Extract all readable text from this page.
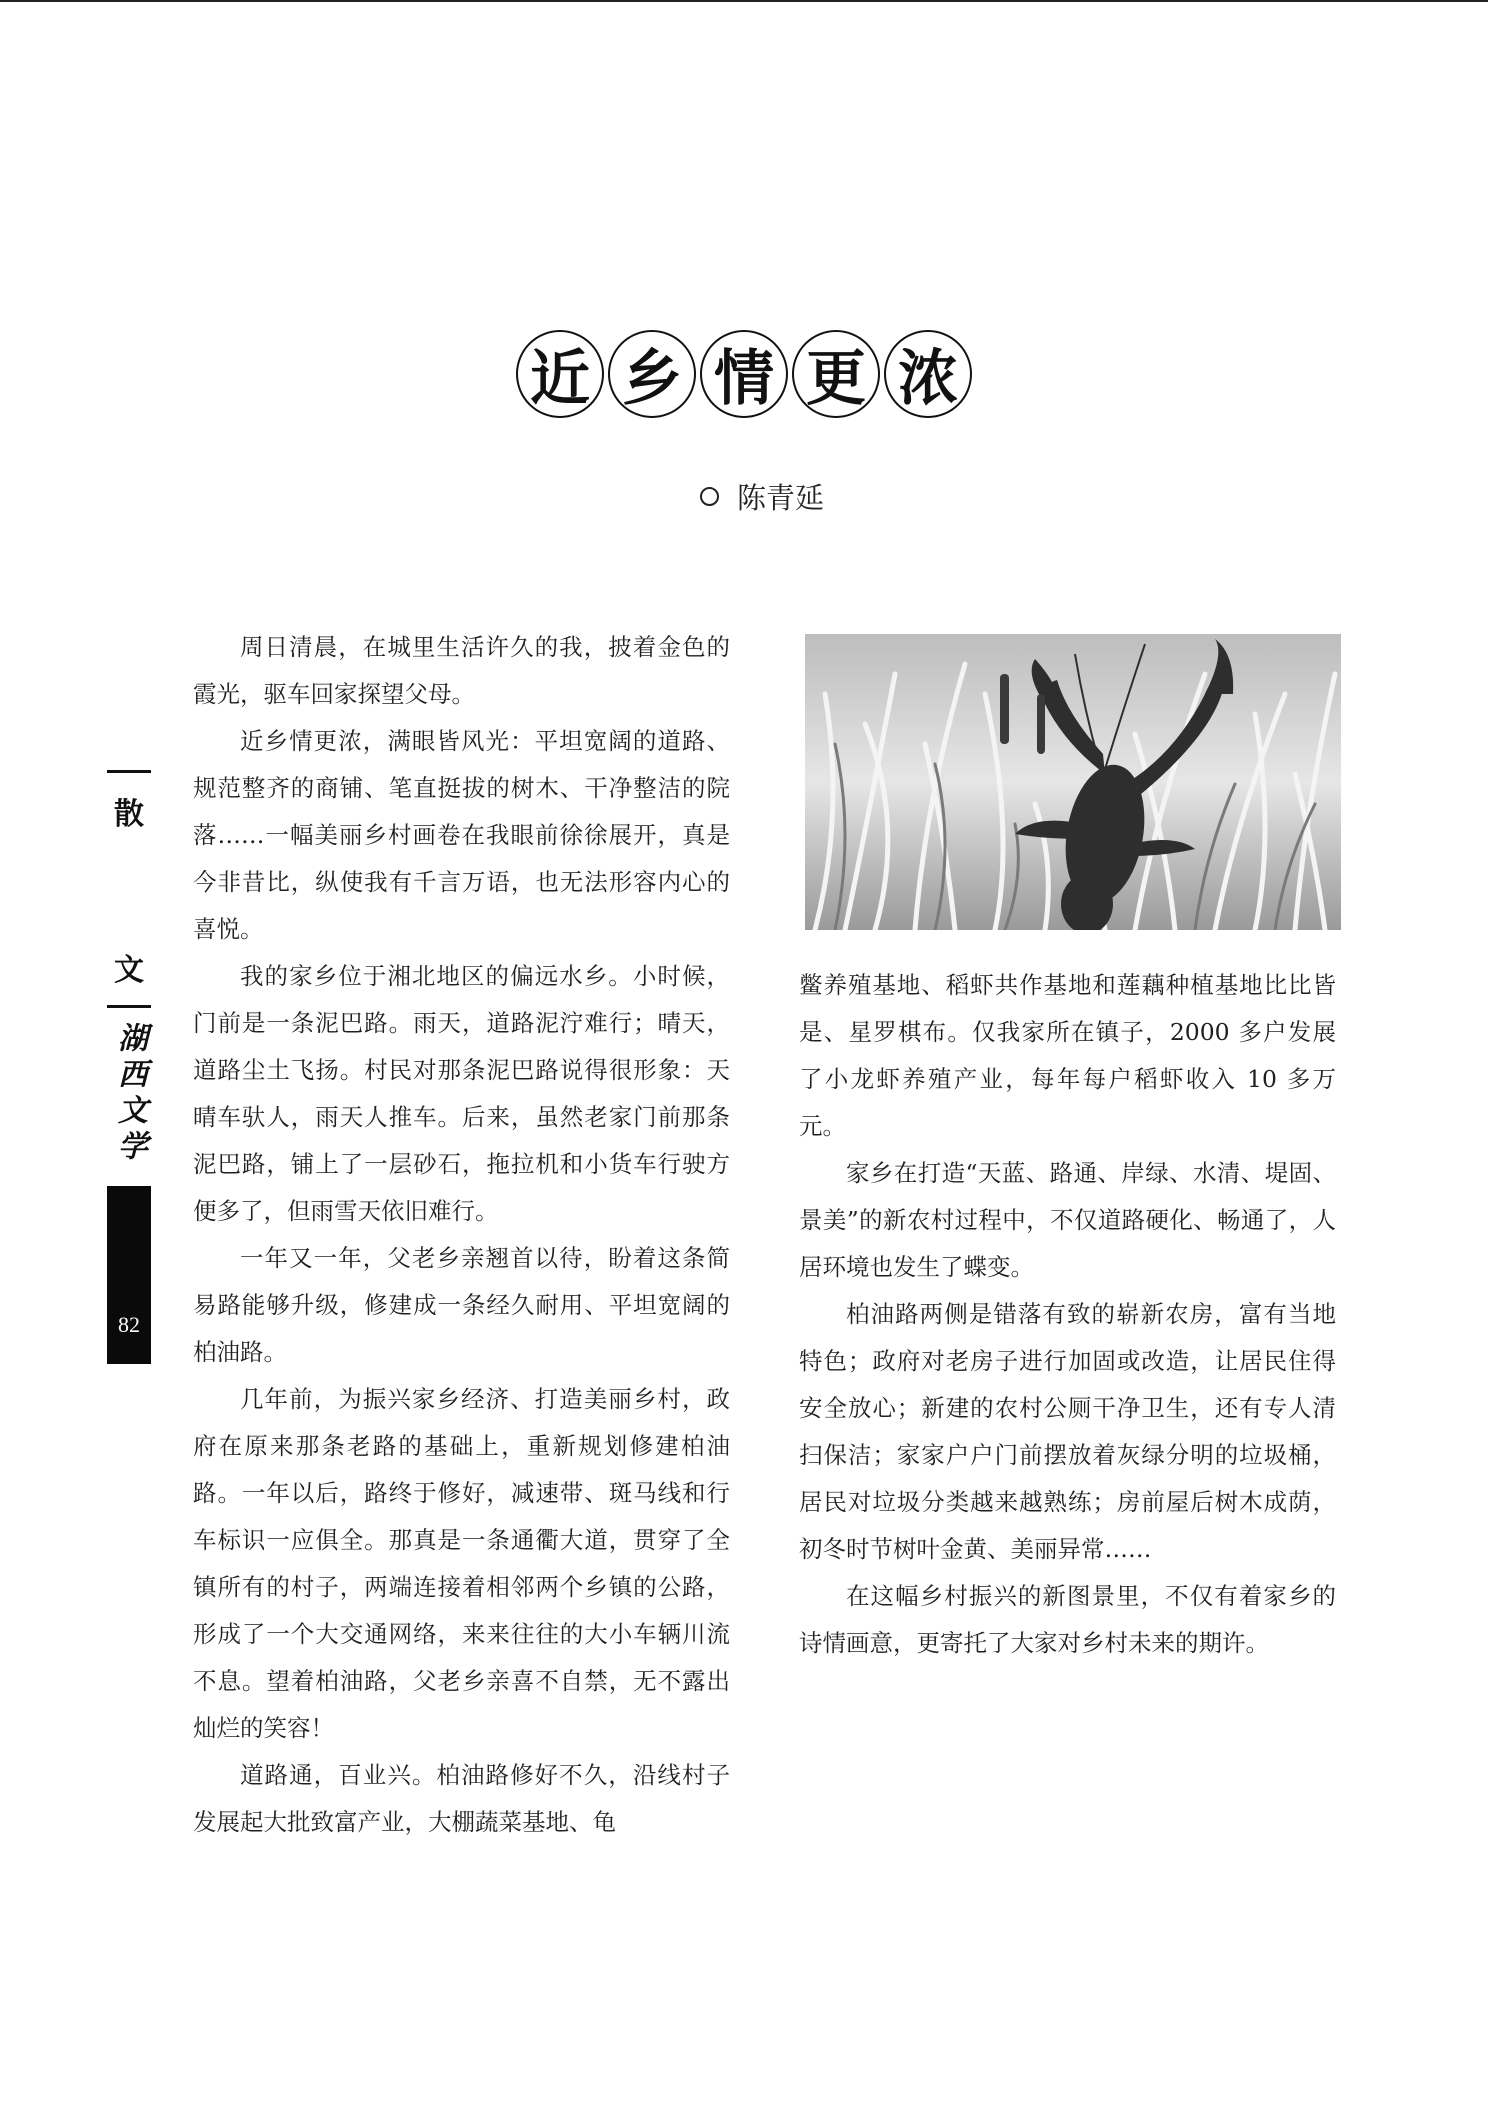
近 乡 情 更 浓
陈青延
散
文
湖西文学
82

周日清晨，在城里生活许久的我，披着金色的霞光，驱车回家探望父母。

近乡情更浓，满眼皆风光：平坦宽阔的道路、规范整齐的商铺、笔直挺拔的树木、干净整洁的院落……一幅美丽乡村画卷在我眼前徐徐展开，真是今非昔比，纵使我有千言万语，也无法形容内心的喜悦。

我的家乡位于湘北地区的偏远水乡。小时候，门前是一条泥巴路。雨天，道路泥泞难行；晴天，道路尘土飞扬。村民对那条泥巴路说得很形象：天晴车驮人，雨天人推车。后来，虽然老家门前那条泥巴路，铺上了一层砂石，拖拉机和小货车行驶方便多了，但雨雪天依旧难行。

一年又一年，父老乡亲翘首以待，盼着这条简易路能够升级，修建成一条经久耐用、平坦宽阔的柏油路。

几年前，为振兴家乡经济、打造美丽乡村，政府在原来那条老路的基础上，重新规划修建柏油路。一年以后，路终于修好，减速带、斑马线和行车标识一应俱全。那真是一条通衢大道，贯穿了全镇所有的村子，两端连接着相邻两个乡镇的公路，形成了一个大交通网络，来来往往的大小车辆川流不息。望着柏油路，父老乡亲喜不自禁，无不露出灿烂的笑容！

道路通，百业兴。柏油路修好不久，沿线村子发展起大批致富产业，大棚蔬菜基地、龟

鳖养殖基地、稻虾共作基地和莲藕种植基地比比皆是、星罗棋布。仅我家所在镇子，2000 多户发展了小龙虾养殖产业，每年每户稻虾收入 10 多万元。

家乡在打造“天蓝、路通、岸绿、水清、堤固、景美”的新农村过程中，不仅道路硬化、畅通了，人居环境也发生了蝶变。

柏油路两侧是错落有致的崭新农房，富有当地特色；政府对老房子进行加固或改造，让居民住得安全放心；新建的农村公厕干净卫生，还有专人清扫保洁；家家户户门前摆放着灰绿分明的垃圾桶，居民对垃圾分类越来越熟练；房前屋后树木成荫，初冬时节树叶金黄、美丽异常……

在这幅乡村振兴的新图景里，不仅有着家乡的诗情画意，更寄托了大家对乡村未来的期许。
